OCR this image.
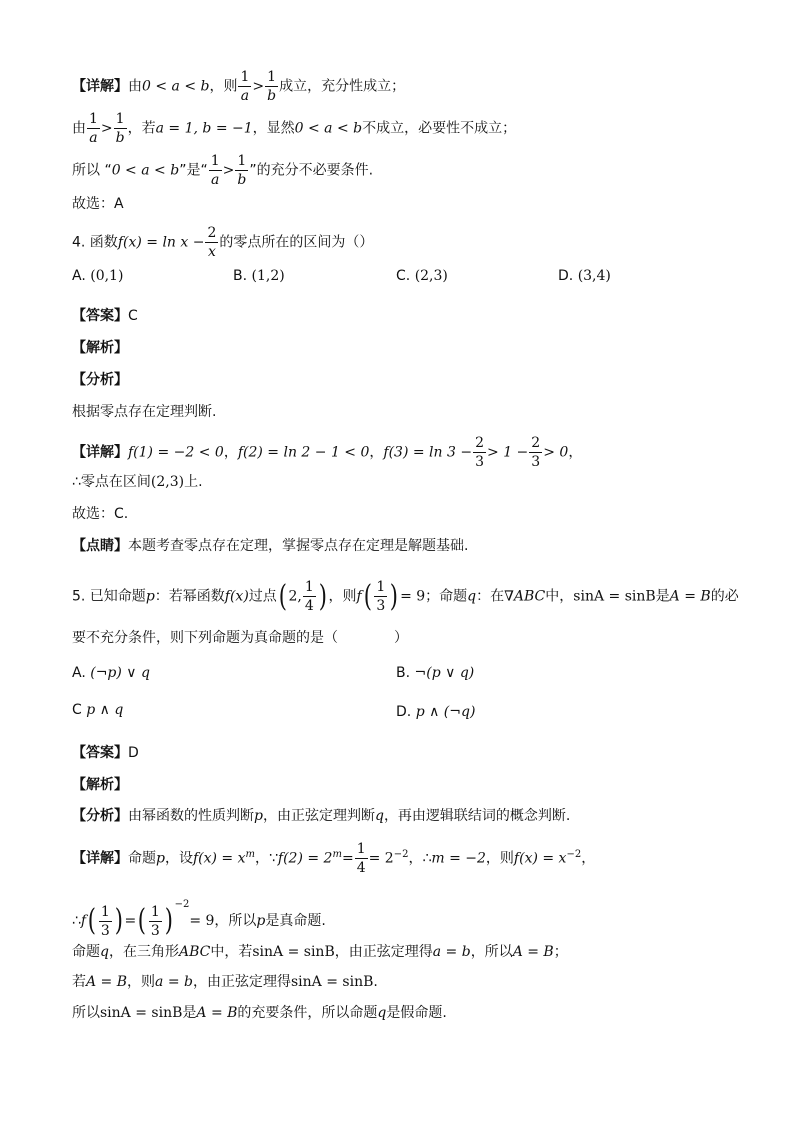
【详解】由0 < a < b，则 $\frac{1}{a} > \frac{1}{b}$ 成立，充分性成立；
由 $\frac{1}{a} > \frac{1}{b}$ ，若a = 1, b = −1，显然0 < a < b不成立，必要性不成立；
所以 “0 < a < b”是“ $\frac{1}{a} > \frac{1}{b}$ ”的充分不必要条件.
故选：A
4. 函数$f(x) = \ln x - \frac{2}{x}$ 的零点所在的区间为（）
A. (0,1)	B. (1,2)	C. (2,3)	D. (3,4)
【答案】C
【解析】
【分析】
根据零点存在定理判断.
【详解】f(1) = −2 < 0，f(2) = ln 2 − 1 < 0，$f(3) = \ln 3 - \frac{2}{3} > 1 - \frac{2}{3} > 0$，
∴零点在区间(2,3)上.
故选：C.
【点睛】本题考查零点存在定理，掌握零点存在定理是解题基础.
5. 已知命题p：若幂函数f(x)过点( 2, $\frac{1}{4}$ ) ，则$f( \frac{1}{3}$ ) = 9；命题q：在∇ABC中，sinA = sinB是A = B的必
要不充分条件，则下列命题为真命题的是（　　　　）
A. (¬p) ∨ q	B. ¬(p ∨ q)
C p ∧ q	D. p ∧ (¬q)
【答案】D
【解析】
【分析】由幂函数的性质判断p，由正弦定理判断q，再由逻辑联结词的概念判断.
【详解】命题p，设$f(x) = x^m$，∵f(2) = $2^m= \frac{1}{4} = 2^{-2}$，∴m = −2，则$f(x) = x^{-2}$，
∴f( $\frac{1}{3}$ ) =( $\frac{1}{3}$ ) $^{-2}$= 9，所以p是真命题.
命题q，在三角形ABC中，若sinA = sinB，由正弦定理得a = b，所以A = B；
若A = B，则a = b，由正弦定理得sinA = sinB.
所以sinA = sinB是A = B的充要条件，所以命题q是假命题.
